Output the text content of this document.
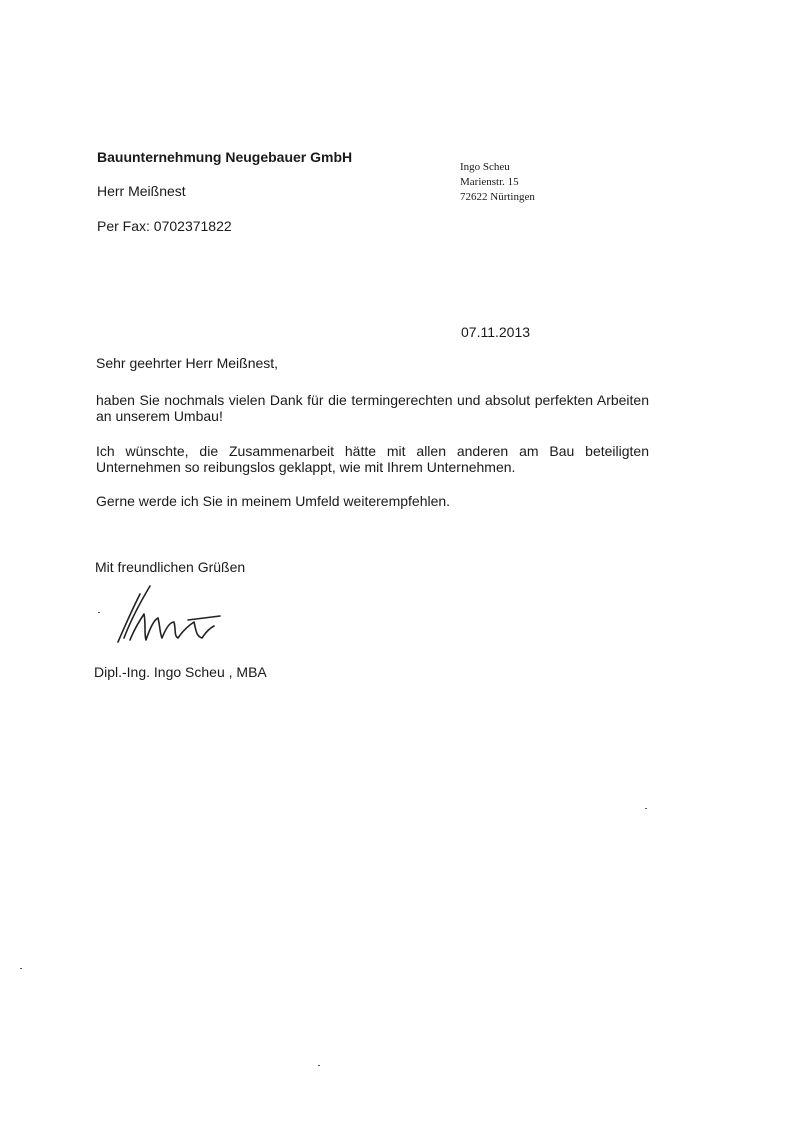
Bauunternehmung Neugebauer GmbH
Herr Meißnest
Per Fax: 0702371822
Ingo Scheu
Marienstr. 15
72622 Nürtingen
07.11.2013
Sehr geehrter Herr Meißnest,
haben Sie nochmals vielen Dank für die termingerechten und absolut perfekten Arbeiten an unserem Umbau!
Ich wünschte, die Zusammenarbeit hätte mit allen anderen am Bau beteiligten Unternehmen so reibungslos geklappt, wie mit Ihrem Unternehmen.
Gerne werde ich Sie in meinem Umfeld weiterempfehlen.
Mit freundlichen Grüßen
Dipl.-Ing. Ingo Scheu , MBA
